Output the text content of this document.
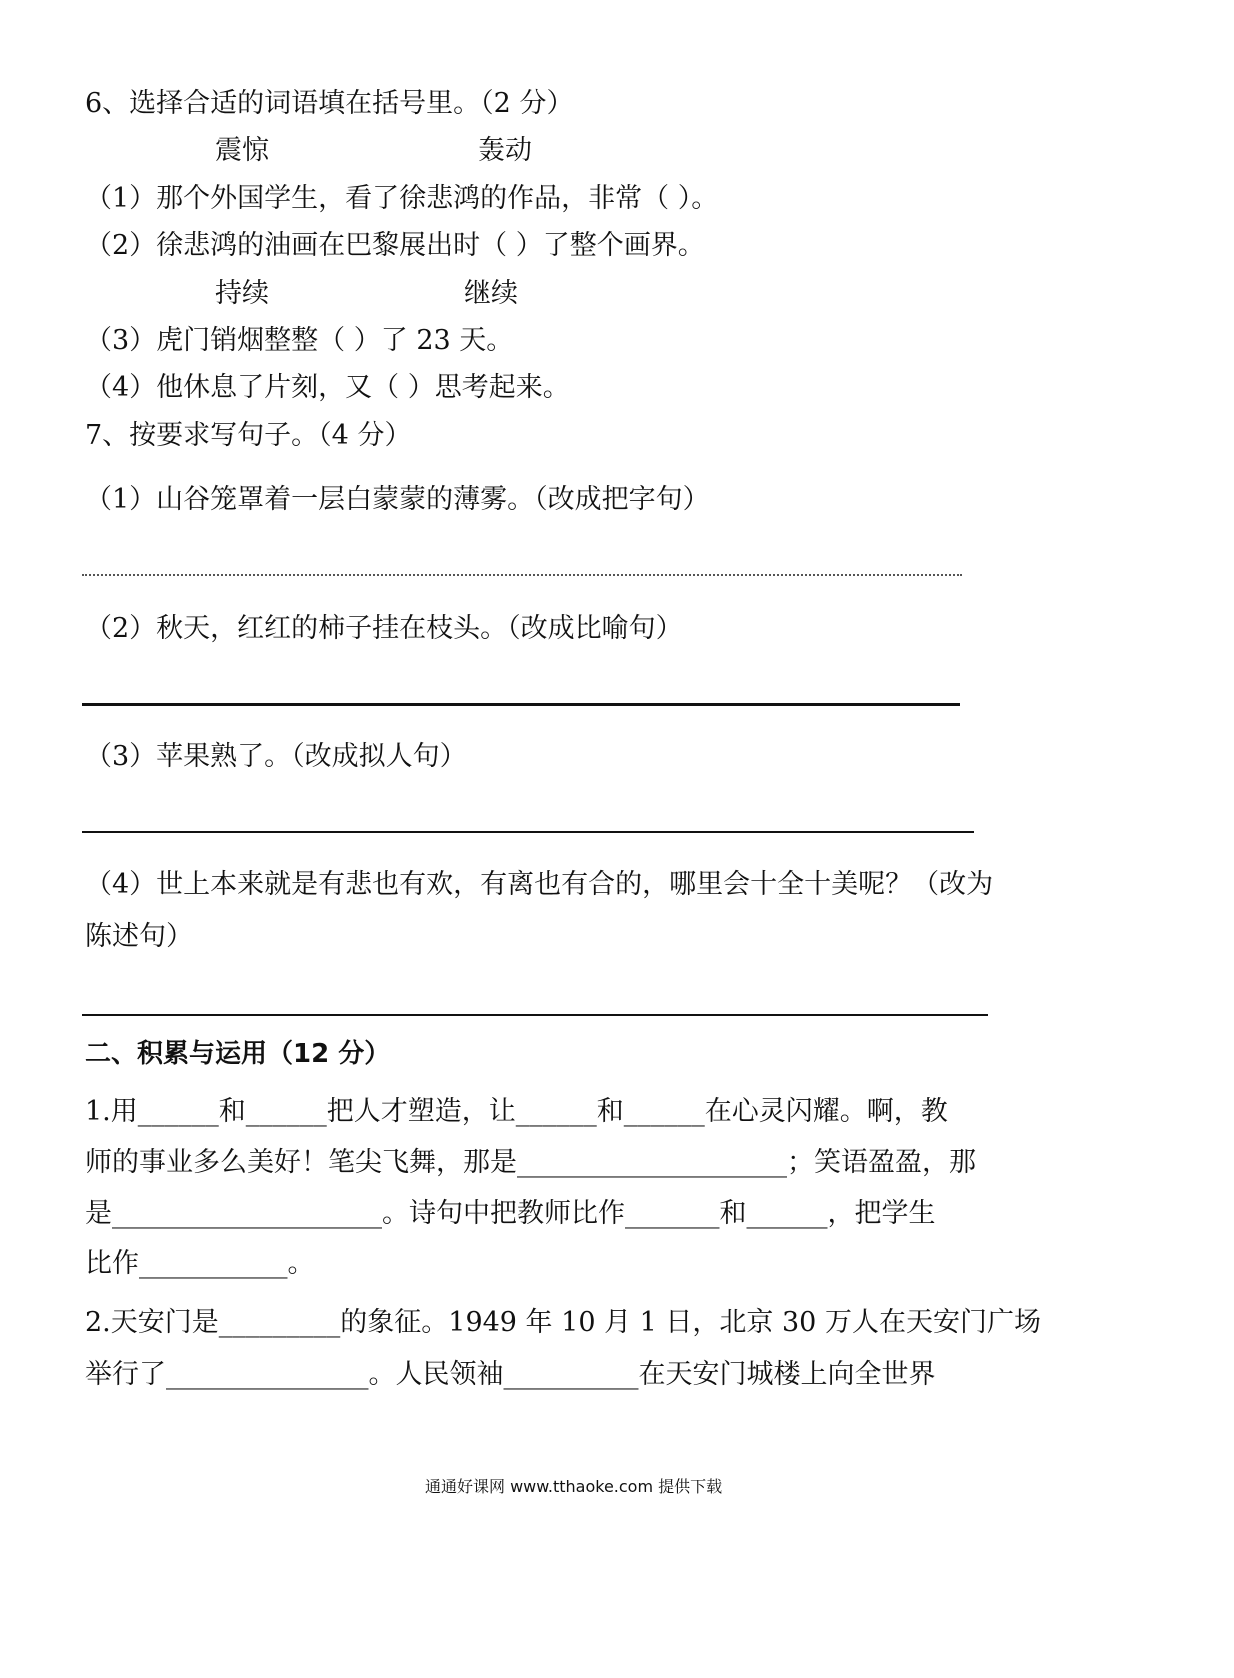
6、选择合适的词语填在括号里。（2 分）
震惊	轰动
（1）那个外国学生，看了徐悲鸿的作品，非常（ ）。
（2）徐悲鸿的油画在巴黎展出时（ ）了整个画界。
持续	继续
（3）虎门销烟整整（ ）了 23 天。
（4）他休息了片刻，又（ ）思考起来。
7、按要求写句子。（4 分）
（1）山谷笼罩着一层白蒙蒙的薄雾。（改成把字句）
（2）秋天，红红的柿子挂在枝头。（改成比喻句）
（3）苹果熟了。（改成拟人句）
（4）世上本来就是有悲也有欢，有离也有合的，哪里会十全十美呢？（改为
陈述句）
二、积累与运用（12 分）
1.用______和______把人才塑造，让______和______在心灵闪耀。啊，教
师的事业多么美好！笔尖飞舞，那是____________________；笑语盈盈，那
是____________________。诗句中把教师比作_______和______，把学生
比作___________。
2.天安门是_________的象征。1949 年 10 月 1 日，北京 30 万人在天安门广场
举行了_______________。人民领袖__________在天安门城楼上向全世界
通通好课网 www.tthaoke.com 提供下载
